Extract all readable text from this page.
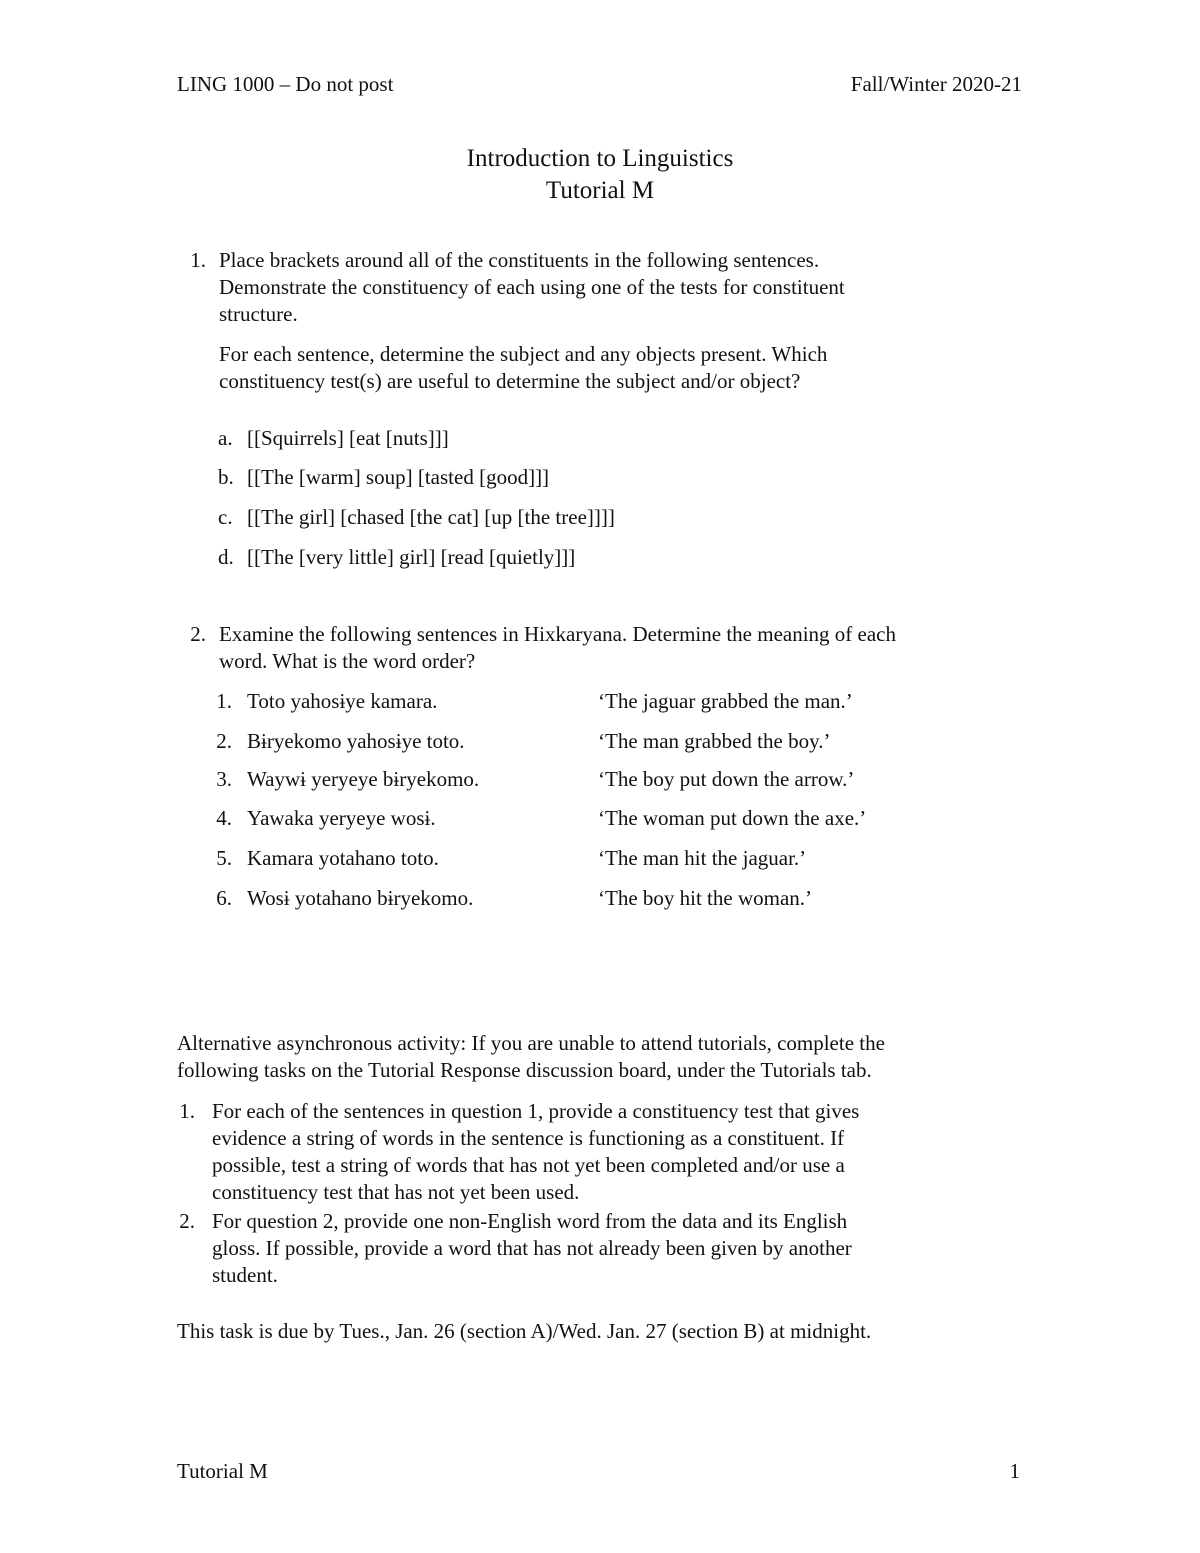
LING 1000 – Do not post	Fall/Winter 2020-21
Introduction to Linguistics
Tutorial M
1. Place brackets around all of the constituents in the following sentences.
Demonstrate the constituency of each using one of the tests for constituent
structure.
For each sentence, determine the subject and any objects present. Which
constituency test(s) are useful to determine the subject and/or object?
a. [[Squirrels] [eat [nuts]]]
b. [[The [warm] soup] [tasted [good]]]
c. [[The girl] [chased [the cat] [up [the tree]]]]
d. [[The [very little] girl] [read [quietly]]]
2. Examine the following sentences in Hixkaryana. Determine the meaning of each
word. What is the word order?
1. Toto yahosɨye kamara.	‘The jaguar grabbed the man.’
2. Bɨryekomo yahosɨye toto.	‘The man grabbed the boy.’
3. Waywɨ yeryeye bɨryekomo.	‘The boy put down the arrow.’
4. Yawaka yeryeye wosɨ.	‘The woman put down the axe.’
5. Kamara yotahano toto.	‘The man hit the jaguar.’
6. Wosɨ yotahano bɨryekomo.	‘The boy hit the woman.’
Alternative asynchronous activity: If you are unable to attend tutorials, complete the
following tasks on the Tutorial Response discussion board, under the Tutorials tab.
1. For each of the sentences in question 1, provide a constituency test that gives
evidence a string of words in the sentence is functioning as a constituent. If
possible, test a string of words that has not yet been completed and/or use a
constituency test that has not yet been used.
2. For question 2, provide one non-English word from the data and its English
gloss. If possible, provide a word that has not already been given by another
student.
This task is due by Tues., Jan. 26 (section A)/Wed. Jan. 27 (section B) at midnight.
Tutorial M	1
